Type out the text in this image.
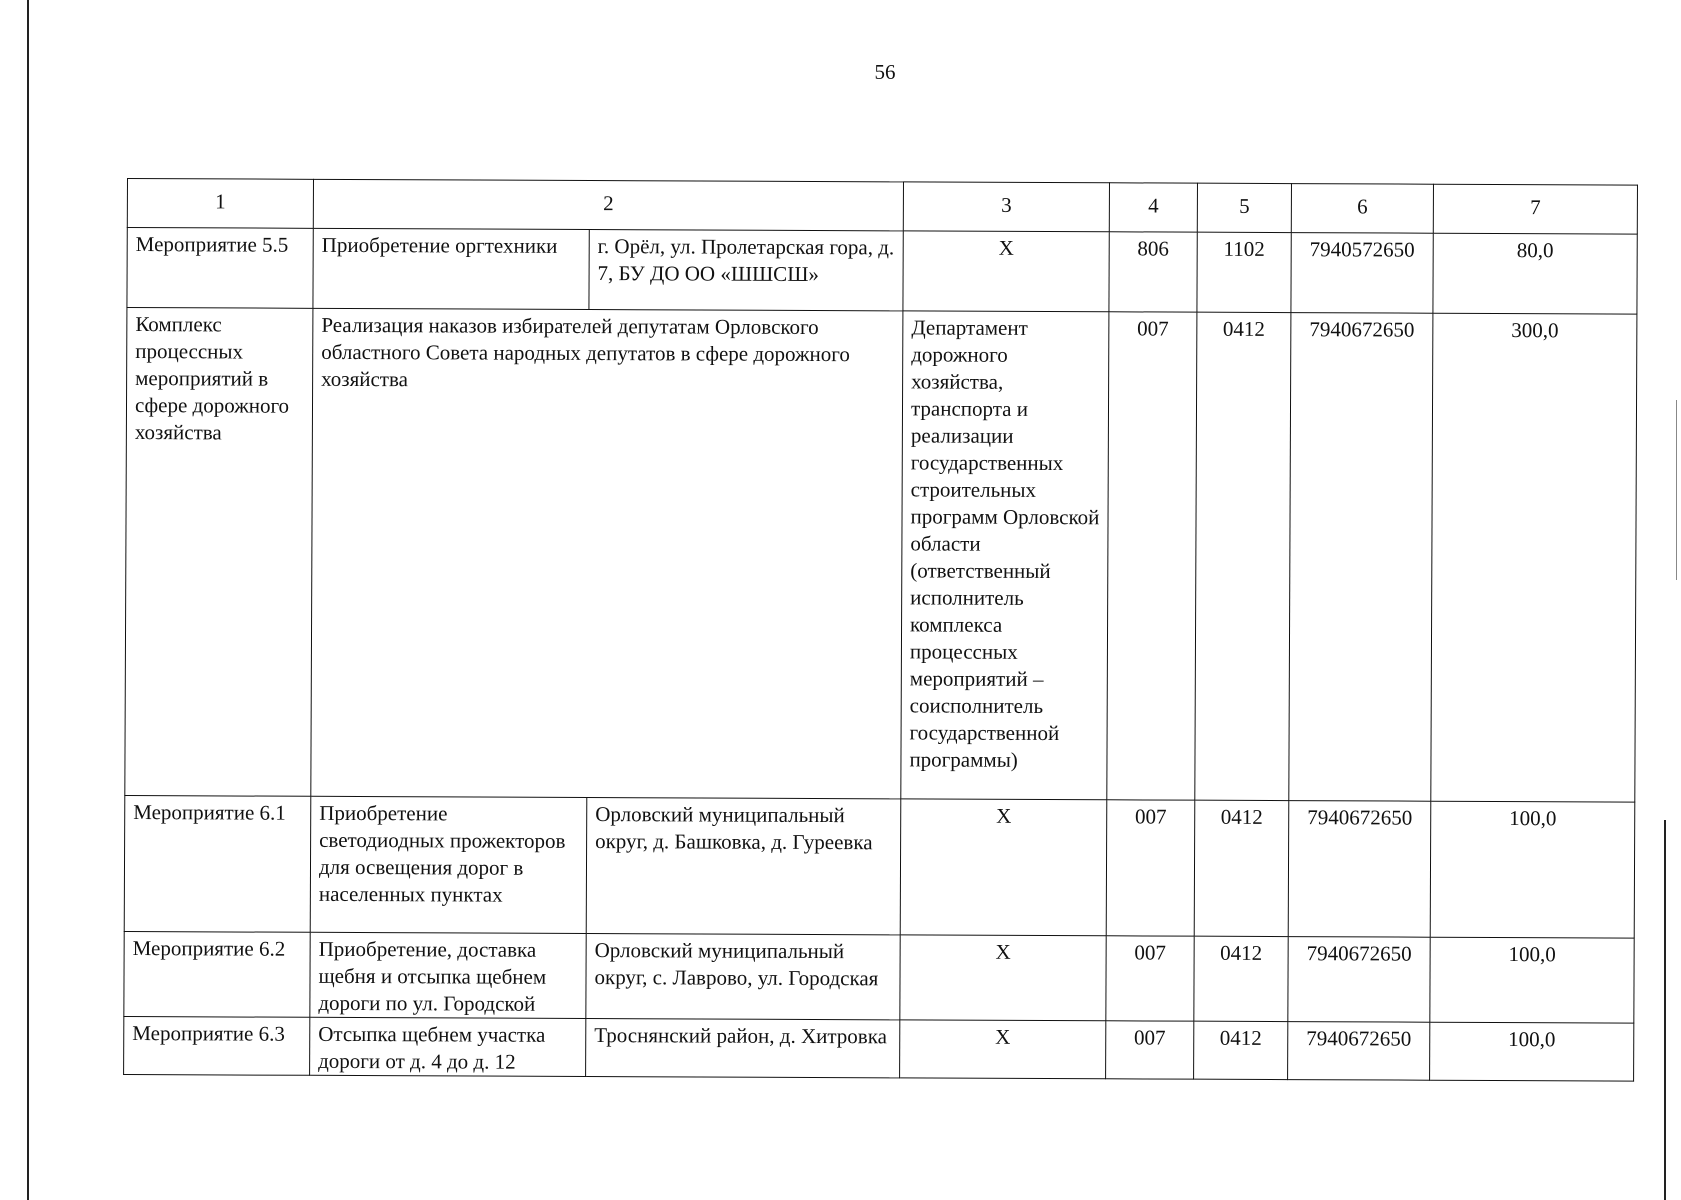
56
1	2		3	4	5	6	7
Мероприятие 5.5	Приобретение оргтехники	г. Орёл, ул. Пролетарская гора, д. 7, БУ ДО ОО «ШШСШ»	Х	806	1102	7940572650	80,0
Комплекс процессных мероприятий в сфере дорожного хозяйства	Реализация наказов избирателей депутатам Орловского областного Совета народных депутатов в сфере дорожного хозяйства		Департамент дорожного хозяйства, транспорта и реализации государственных строительных программ Орловской области (ответственный исполнитель комплекса процессных мероприятий – соисполнитель государственной программы)	007	0412	7940672650	300,0
Мероприятие 6.1	Приобретение светодиодных прожекторов для освещения дорог в населенных пунктах	Орловский муниципальный округ, д. Башковка, д. Гуреевка	Х	007	0412	7940672650	100,0
Мероприятие 6.2	Приобретение, доставка щебня и отсыпка щебнем дороги по ул. Городской	Орловский муниципальный округ, с. Лаврово, ул. Городская	Х	007	0412	7940672650	100,0
Мероприятие 6.3	Отсыпка щебнем участка дороги от д. 4 до д. 12	Троснянский район, д. Хитровка	Х	007	0412	7940672650	100,0
